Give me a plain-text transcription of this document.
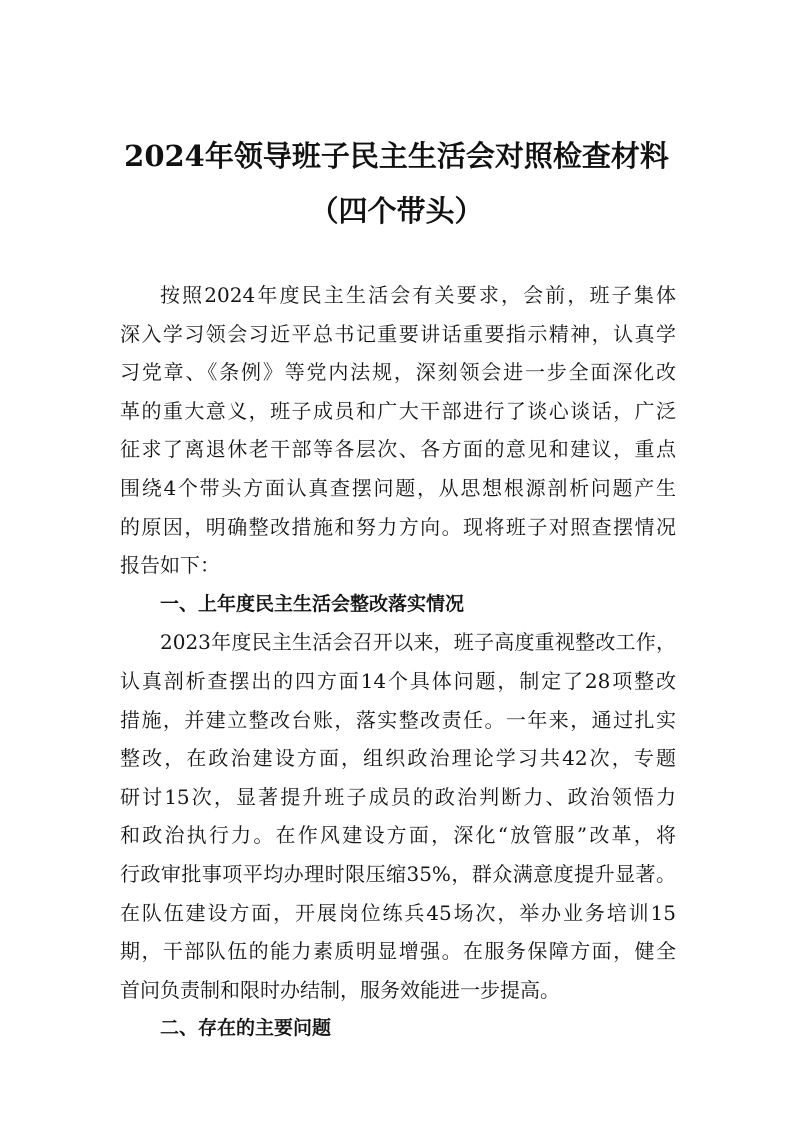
2024年领导班子民主生活会对照检查材料
（四个带头）
按照2024年度民主生活会有关要求，会前，班子集体
深入学习领会习近平总书记重要讲话重要指示精神，认真学
习党章、《条例》等党内法规，深刻领会进一步全面深化改
革的重大意义，班子成员和广大干部进行了谈心谈话，广泛
征求了离退休老干部等各层次、各方面的意见和建议，重点
围绕4个带头方面认真查摆问题，从思想根源剖析问题产生
的原因，明确整改措施和努力方向。现将班子对照查摆情况
报告如下：
一、上年度民主生活会整改落实情况
2023年度民主生活会召开以来，班子高度重视整改工作，
认真剖析查摆出的四方面14个具体问题，制定了28项整改
措施，并建立整改台账，落实整改责任。一年来，通过扎实
整改，在政治建设方面，组织政治理论学习共42次，专题
研讨15次，显著提升班子成员的政治判断力、政治领悟力
和政治执行力。在作风建设方面，深化“放管服”改革，将
行政审批事项平均办理时限压缩35%，群众满意度提升显著。
在队伍建设方面，开展岗位练兵45场次，举办业务培训15
期，干部队伍的能力素质明显增强。在服务保障方面，健全
首问负责制和限时办结制，服务效能进一步提高。
二、存在的主要问题
